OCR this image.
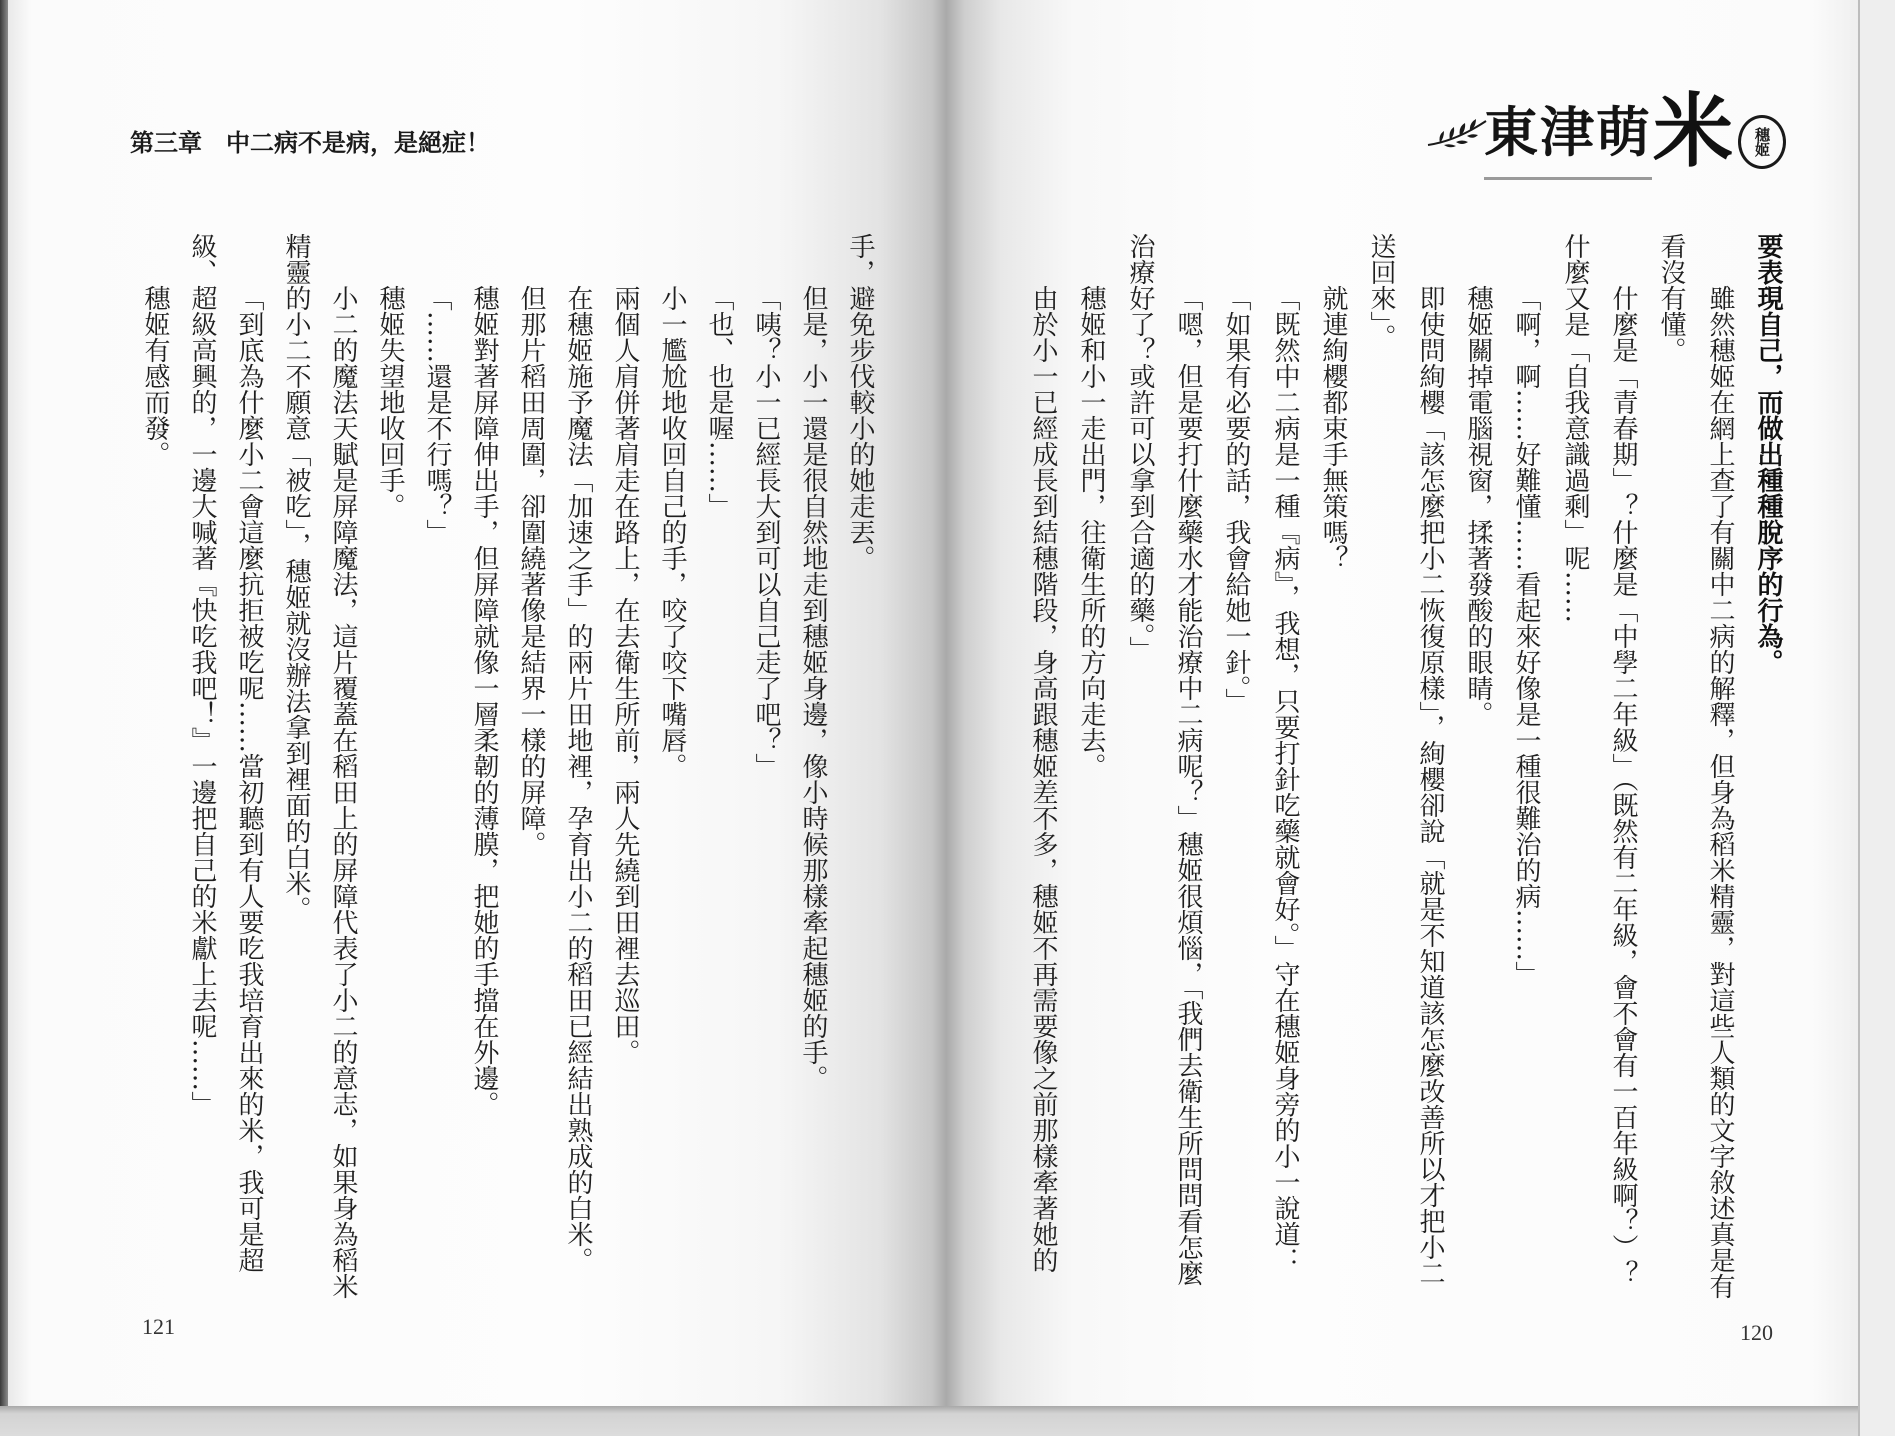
第三章　中二病不是病，是絕症！
手，避免步伐較小的她走丟。
但是，小一還是很自然地走到穗姬身邊，像小時候那樣牽起穗姬的手。
「咦？小一已經長大到可以自己走了吧？」
「也、也是喔……」
小一尷尬地收回自己的手，咬了咬下嘴唇。
兩個人肩併著肩走在路上，在去衛生所前，兩人先繞到田裡去巡田。
在穗姬施予魔法「加速之手」的兩片田地裡，孕育出小二的稻田已經結出熟成的白米。
但那片稻田周圍，卻圍繞著像是結界一樣的屏障。
穗姬對著屏障伸出手，但屏障就像一層柔韌的薄膜，把她的手擋在外邊。
「……還是不行嗎？」
穗姬失望地收回手。
小二的魔法天賦是屏障魔法，這片覆蓋在稻田上的屏障代表了小二的意志，如果身為稻米
精靈的小二不願意「被吃」，穗姬就沒辦法拿到裡面的白米。
「到底為什麼小二會這麼抗拒被吃呢……當初聽到有人要吃我培育出來的米，我可是超
級、超級高興的，一邊大喊著『快吃我吧！』一邊把自己的米獻上去呢……」
穗姬有感而發。
121
東津萌 米 穗姬
要表現自己，而做出種種脫序的行為。
雖然穗姬在網上查了有關中二病的解釋，但身為稻米精靈，對這些人類的文字敘述真是有
看沒有懂。
什麼是「青春期」？什麼是「中學二年級」（既然有二年級，會不會有一百年級啊？）？
什麼又是「自我意識過剩」呢……
「啊，啊……好難懂……看起來好像是一種很難治的病……」
穗姬關掉電腦視窗，揉著發酸的眼睛。
即使問絢櫻「該怎麼把小二恢復原樣」，絢櫻卻說「就是不知道該怎麼改善所以才把小二
送回來」。
就連絢櫻都束手無策嗎？
「既然中二病是一種『病』，我想，只要打針吃藥就會好。」守在穗姬身旁的小一說道：
「如果有必要的話，我會給她一針。」
「嗯，但是要打什麼藥水才能治療中二病呢？」穗姬很煩惱，「我們去衛生所問問看怎麼
治療好了？或許可以拿到合適的藥。」
穗姬和小一走出門，往衛生所的方向走去。
由於小一已經成長到結穗階段，身高跟穗姬差不多，穗姬不再需要像之前那樣牽著她的
120
